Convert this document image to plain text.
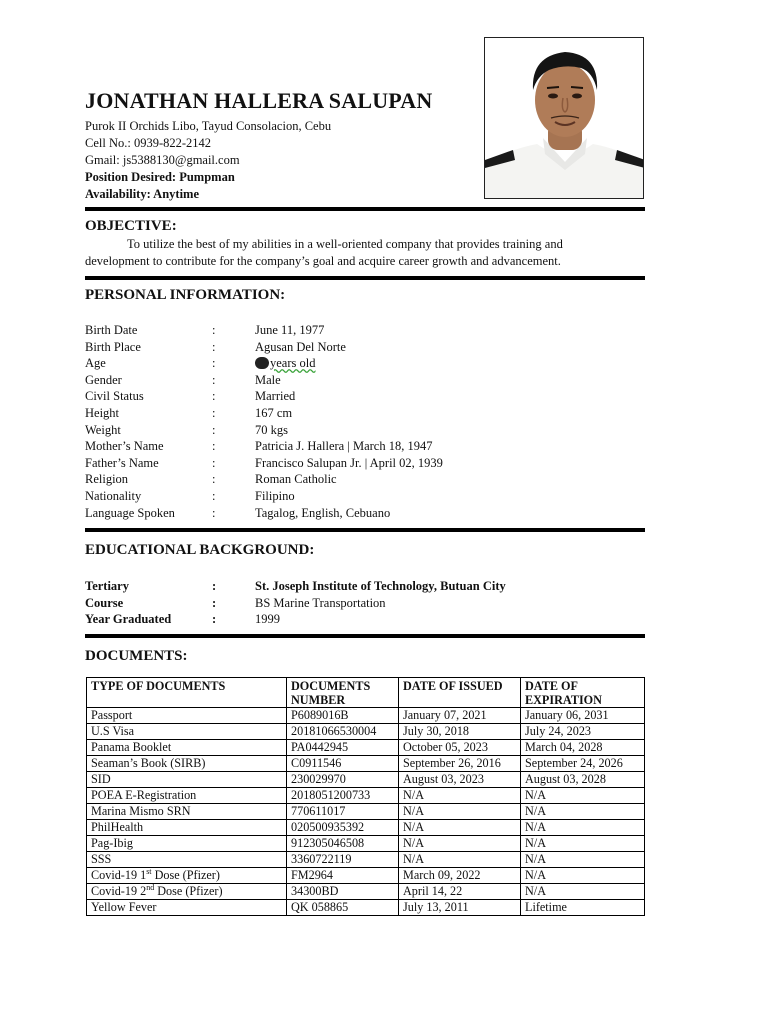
JONATHAN HALLERA SALUPAN
Purok II Orchids Libo, Tayud Consolacion, Cebu
Cell No.: 0939-822-2142
Gmail: js5388130@gmail.com
Position Desired: Pumpman
Availability: Anytime
OBJECTIVE:
To utilize the best of my abilities in a well-oriented company that provides training and
development to contribute for the company’s goal and acquire career growth and advancement.
PERSONAL INFORMATION:
Birth Date	:	June 11, 1977
Birth Place	:	Agusan Del Norte
Age	:	years old
Gender	:	Male
Civil Status	:	Married
Height	:	167 cm
Weight	:	70 kgs
Mother’s Name	:	Patricia J. Hallera | March 18, 1947
Father’s Name	:	Francisco Salupan Jr. | April 02, 1939
Religion	:	Roman Catholic
Nationality	:	Filipino
Language Spoken	:	Tagalog, English, Cebuano
EDUCATIONAL BACKGROUND:
Tertiary	:	St. Joseph Institute of Technology, Butuan City
Course	:	BS Marine Transportation
Year Graduated	:	1999
DOCUMENTS:
TYPE OF DOCUMENTS	DOCUMENTS NUMBER	DATE OF ISSUED	DATE OF EXPIRATION
Passport	P6089016B	January 07, 2021	January 06, 2031
U.S Visa	20181066530004	July 30, 2018	July 24, 2023
Panama Booklet	PA0442945	October 05, 2023	March 04, 2028
Seaman’s Book (SIRB)	C0911546	September 26, 2016	September 24, 2026
SID	230029970	August 03, 2023	August 03, 2028
POEA E-Registration	2018051200733	N/A	N/A
Marina Mismo SRN	770611017	N/A	N/A
PhilHealth	020500935392	N/A	N/A
Pag-Ibig	912305046508	N/A	N/A
SSS	3360722119	N/A	N/A
Covid-19 1st Dose (Pfizer)	FM2964	March 09, 2022	N/A
Covid-19 2nd Dose (Pfizer)	34300BD	April 14, 22	N/A
Yellow Fever	QK 058865	July 13, 2011	Lifetime
